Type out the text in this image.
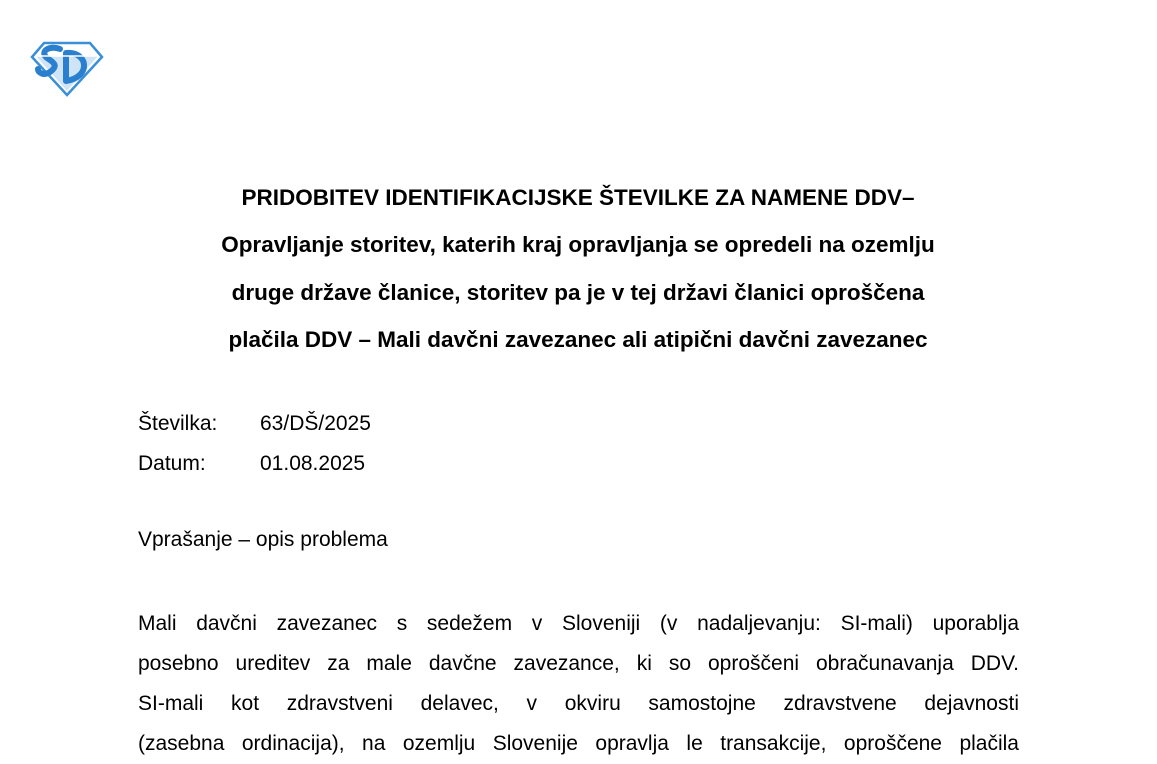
PRIDOBITEV IDENTIFIKACIJSKE ŠTEVILKE ZA NAMENE DDV–
Opravljanje storitev, katerih kraj opravljanja se opredeli na ozemlju
druge države članice, storitev pa je v tej državi članici oproščena
plačila DDV – Mali davčni zavezanec ali atipični davčni zavezanec
Številka:	63/DŠ/2025
Datum:	01.08.2025
Vprašanje – opis problema
Mali davčni zavezanec s sedežem v Sloveniji (v nadaljevanju: SI-mali) uporablja
posebno ureditev za male davčne zavezance, ki so oproščeni obračunavanja DDV.
SI-mali kot zdravstveni delavec, v okviru samostojne zdravstvene dejavnosti
(zasebna ordinacija), na ozemlju Slovenije opravlja le transakcije, oproščene plačila
